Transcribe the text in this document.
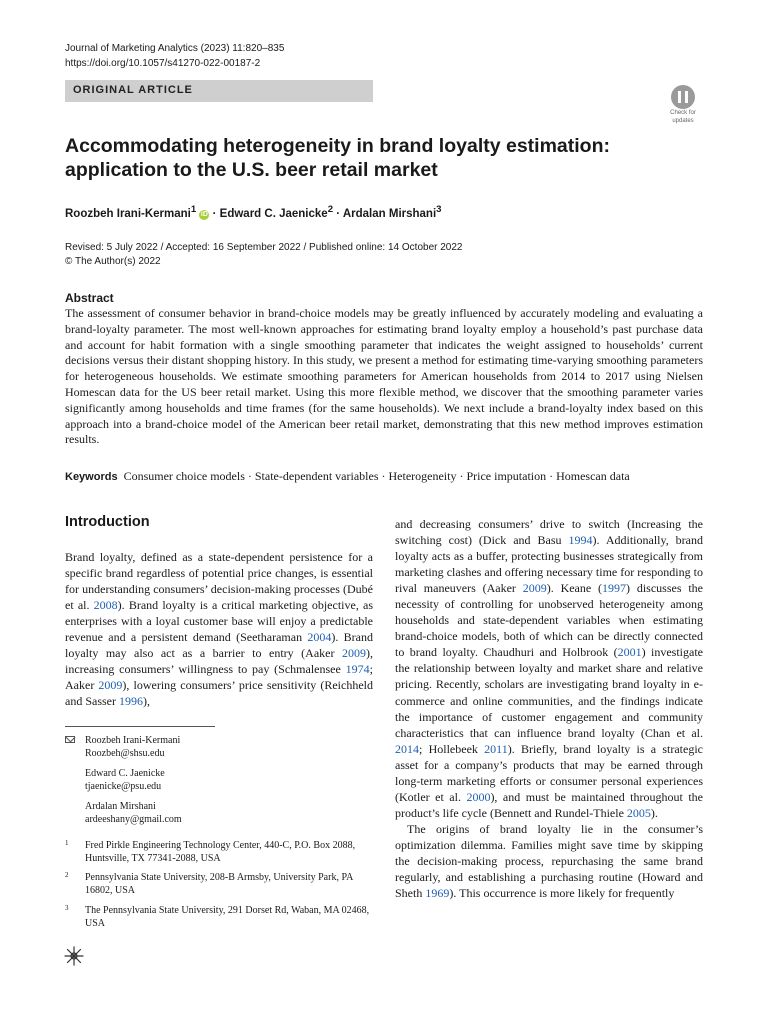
Journal of Marketing Analytics (2023) 11:820–835
https://doi.org/10.1057/s41270-022-00187-2
ORIGINAL ARTICLE
Check for
updates
Accommodating heterogeneity in brand loyalty estimation: application to the U.S. beer retail market
Roozbeh Irani-Kermani$^1$ iD · Edward C. Jaenicke$^2$ · Ardalan Mirshani$^3$
Revised: 5 July 2022 / Accepted: 16 September 2022 / Published online: 14 October 2022
© The Author(s) 2022
Abstract
The assessment of consumer behavior in brand-choice models may be greatly influenced by accurately modeling and evaluating a brand-loyalty parameter. The most well-known approaches for estimating brand loyalty employ a household’s past purchase data and account for habit formation with a single smoothing parameter that indicates the weight assigned to households’ current decisions versus their distant shopping history. In this study, we present a method for estimating time-varying smoothing parameters for heterogeneous households. We estimate smoothing parameters for American households from 2014 to 2017 using Nielsen Homescan data for the US beer retail market. Using this more flexible method, we discover that the smoothing parameter varies significantly among households and time frames (for the same households). We next include a brand-loyalty index based on this approach into a brand-choice model of the American beer retail market, demonstrating that this new method improves estimation results.
Keywords Consumer choice models · State-dependent variables · Heterogeneity · Price imputation · Homescan data
Introduction

Brand loyalty, defined as a state-dependent persistence for a specific brand regardless of potential price changes, is essential for understanding consumers’ decision-making processes (Dubé et al. 2008). Brand loyalty is a critical marketing objective, as enterprises with a loyal customer base will enjoy a predictable revenue and a persistent demand (Seetharaman 2004). Brand loyalty may also act as a barrier to entry (Aaker 2009), increasing consumers’ willingness to pay (Schmalensee 1974; Aaker 2009), lowering consumers’ price sensitivity (Reichheld and Sasser 1996),

and decreasing consumers’ drive to switch (Increasing the switching cost) (Dick and Basu 1994). Additionally, brand loyalty acts as a buffer, protecting businesses strategically from marketing clashes and offering necessary time for responding to rival maneuvers (Aaker 2009). Keane (1997) discusses the necessity of controlling for unobserved heterogeneity among households and state-dependent variables when estimating brand-choice models, both of which can be directly connected to brand loyalty. Chaudhuri and Holbrook (2001) investigate the relationship between loyalty and market share and relative pricing. Recently, scholars are investigating brand loyalty in e-commerce and online communities, and the findings indicate the importance of customer engagement and community characteristics that can influence brand loyalty (Chan et al. 2014; Hollebeek 2011). Briefly, brand loyalty is a strategic asset for a company’s products that may be earned through long-term marketing efforts or consumer personal experiences (Kotler et al. 2000), and must be maintained throughout the product’s life cycle (Bennett and Rundel-Thiele 2005).

The origins of brand loyalty lie in the consumer’s optimization dilemma. Families might save time by skipping the decision-making process, repurchasing the same brand regularly, and establishing a purchasing routine (Howard and Sheth 1969). This occurrence is more likely for frequently

Roozbeh Irani-Kermani
Roozbeh@shsu.edu
Edward C. Jaenicke
tjaenicke@psu.edu
Ardalan Mirshani
ardeeshany@gmail.com
1 Fred Pirkle Engineering Technology Center, 440-C, P.O. Box 2088, Huntsville, TX 77341-2088, USA
2 Pennsylvania State University, 208-B Armsby, University Park, PA 16802, USA
3 The Pennsylvania State University, 291 Dorset Rd, Waban, MA 02468, USA
